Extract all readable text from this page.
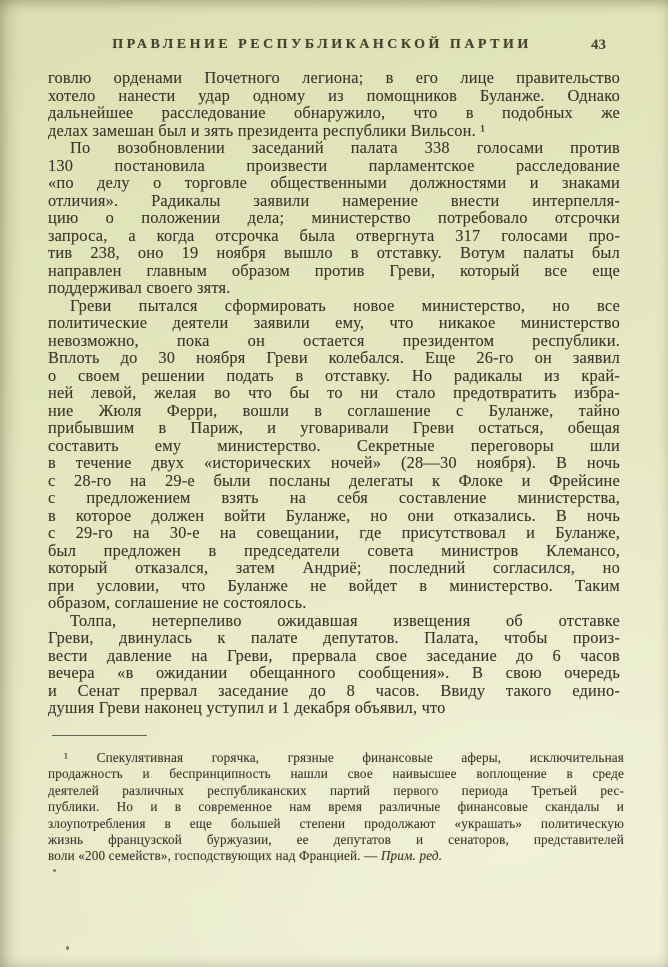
ПРАВЛЕНИЕ РЕСПУБЛИКАНСКОЙ ПАРТИИ	43
говлю орденами Почетного легиона; в его лице правительство
хотело нанести удар одному из помощников Буланже. Однако
дальнейшее расследование обнаружило, что в подобных же
делах замешан был и зять президента республики Вильсон. ¹
По возобновлении заседаний палата 338 голосами против
130 постановила произвести парламентское расследование
«по делу о торговле общественными должностями и знаками
отличия». Радикалы заявили намерение внести интерпелля-
цию о положении дела; министерство потребовало отсрочки
запроса, а когда отсрочка была отвергнута 317 голосами про-
тив 238, оно 19 ноября вышло в отставку. Вотум палаты был
направлен главным образом против Греви, который все еще
поддерживал своего зятя.
Греви пытался сформировать новое министерство, но все
политические деятели заявили ему, что никакое министерство
невозможно, пока он остается президентом республики.
Вплоть до 30 ноября Греви колебался. Еще 26-го он заявил
о своем решении подать в отставку. Но радикалы из край-
ней левой, желая во что бы то ни стало предотвратить избра-
ние Жюля Ферри, вошли в соглашение с Буланже, тайно
прибывшим в Париж, и уговаривали Греви остаться, обещая
составить ему министерство. Секретные переговоры шли
в течение двух «исторических ночей» (28—30 ноября). В ночь
с 28-го на 29-е были посланы делегаты к Флоке и Фрейсине
с предложением взять на себя составление министерства,
в которое должен войти Буланже, но они отказались. В ночь
с 29-го на 30-е на совещании, где присутствовал и Буланже,
был предложен в председатели совета министров Клемансо,
который отказался, затем Андриё; последний согласился, но
при условии, что Буланже не войдет в министерство. Таким
образом, соглашение не состоялось.
Толпа, нетерпеливо ожидавшая извещения об отставке
Греви, двинулась к палате депутатов. Палата, чтобы произ-
вести давление на Греви, прервала свое заседание до 6 часов
вечера «в ожидании обещанного сообщения». В свою очередь
и Сенат прервал заседание до 8 часов. Ввиду такого едино-
душия Греви наконец уступил и 1 декабря объявил, что
¹ Спекулятивная горячка, грязные финансовые аферы, исключительная
продажность и беспринципность нашли свое наивысшее воплощение в среде
деятелей различных республиканских партий первого периода Третьей рес-
публики. Но и в современное нам время различные финансовые скандалы и
злоупотребления в еще большей степени продолжают «украшать» политическую
жизнь французской буржуазии, ее депутатов и сенаторов, представителей
воли «200 семейств», господствующих над Францией. — Прим. ред.
